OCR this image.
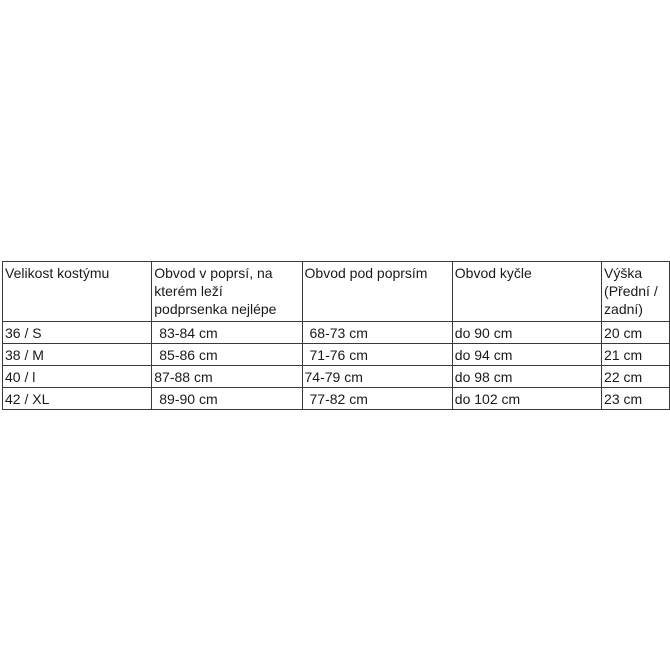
Velikost kostýmu	Obvod v poprsí, na kterém leží podprsenka nejlépe	Obvod pod poprsím	Obvod kyčle	Výška
(Přední /
zadní)
36 / S	83-84 cm	68-73 cm	do 90 cm	20 cm
38 / M	85-86 cm	71-76 cm	do 94 cm	21 cm
40 / l	87-88 cm	74-79 cm	do 98 cm	22 cm
42 / XL	89-90 cm	77-82 cm	do 102 cm	23 cm
